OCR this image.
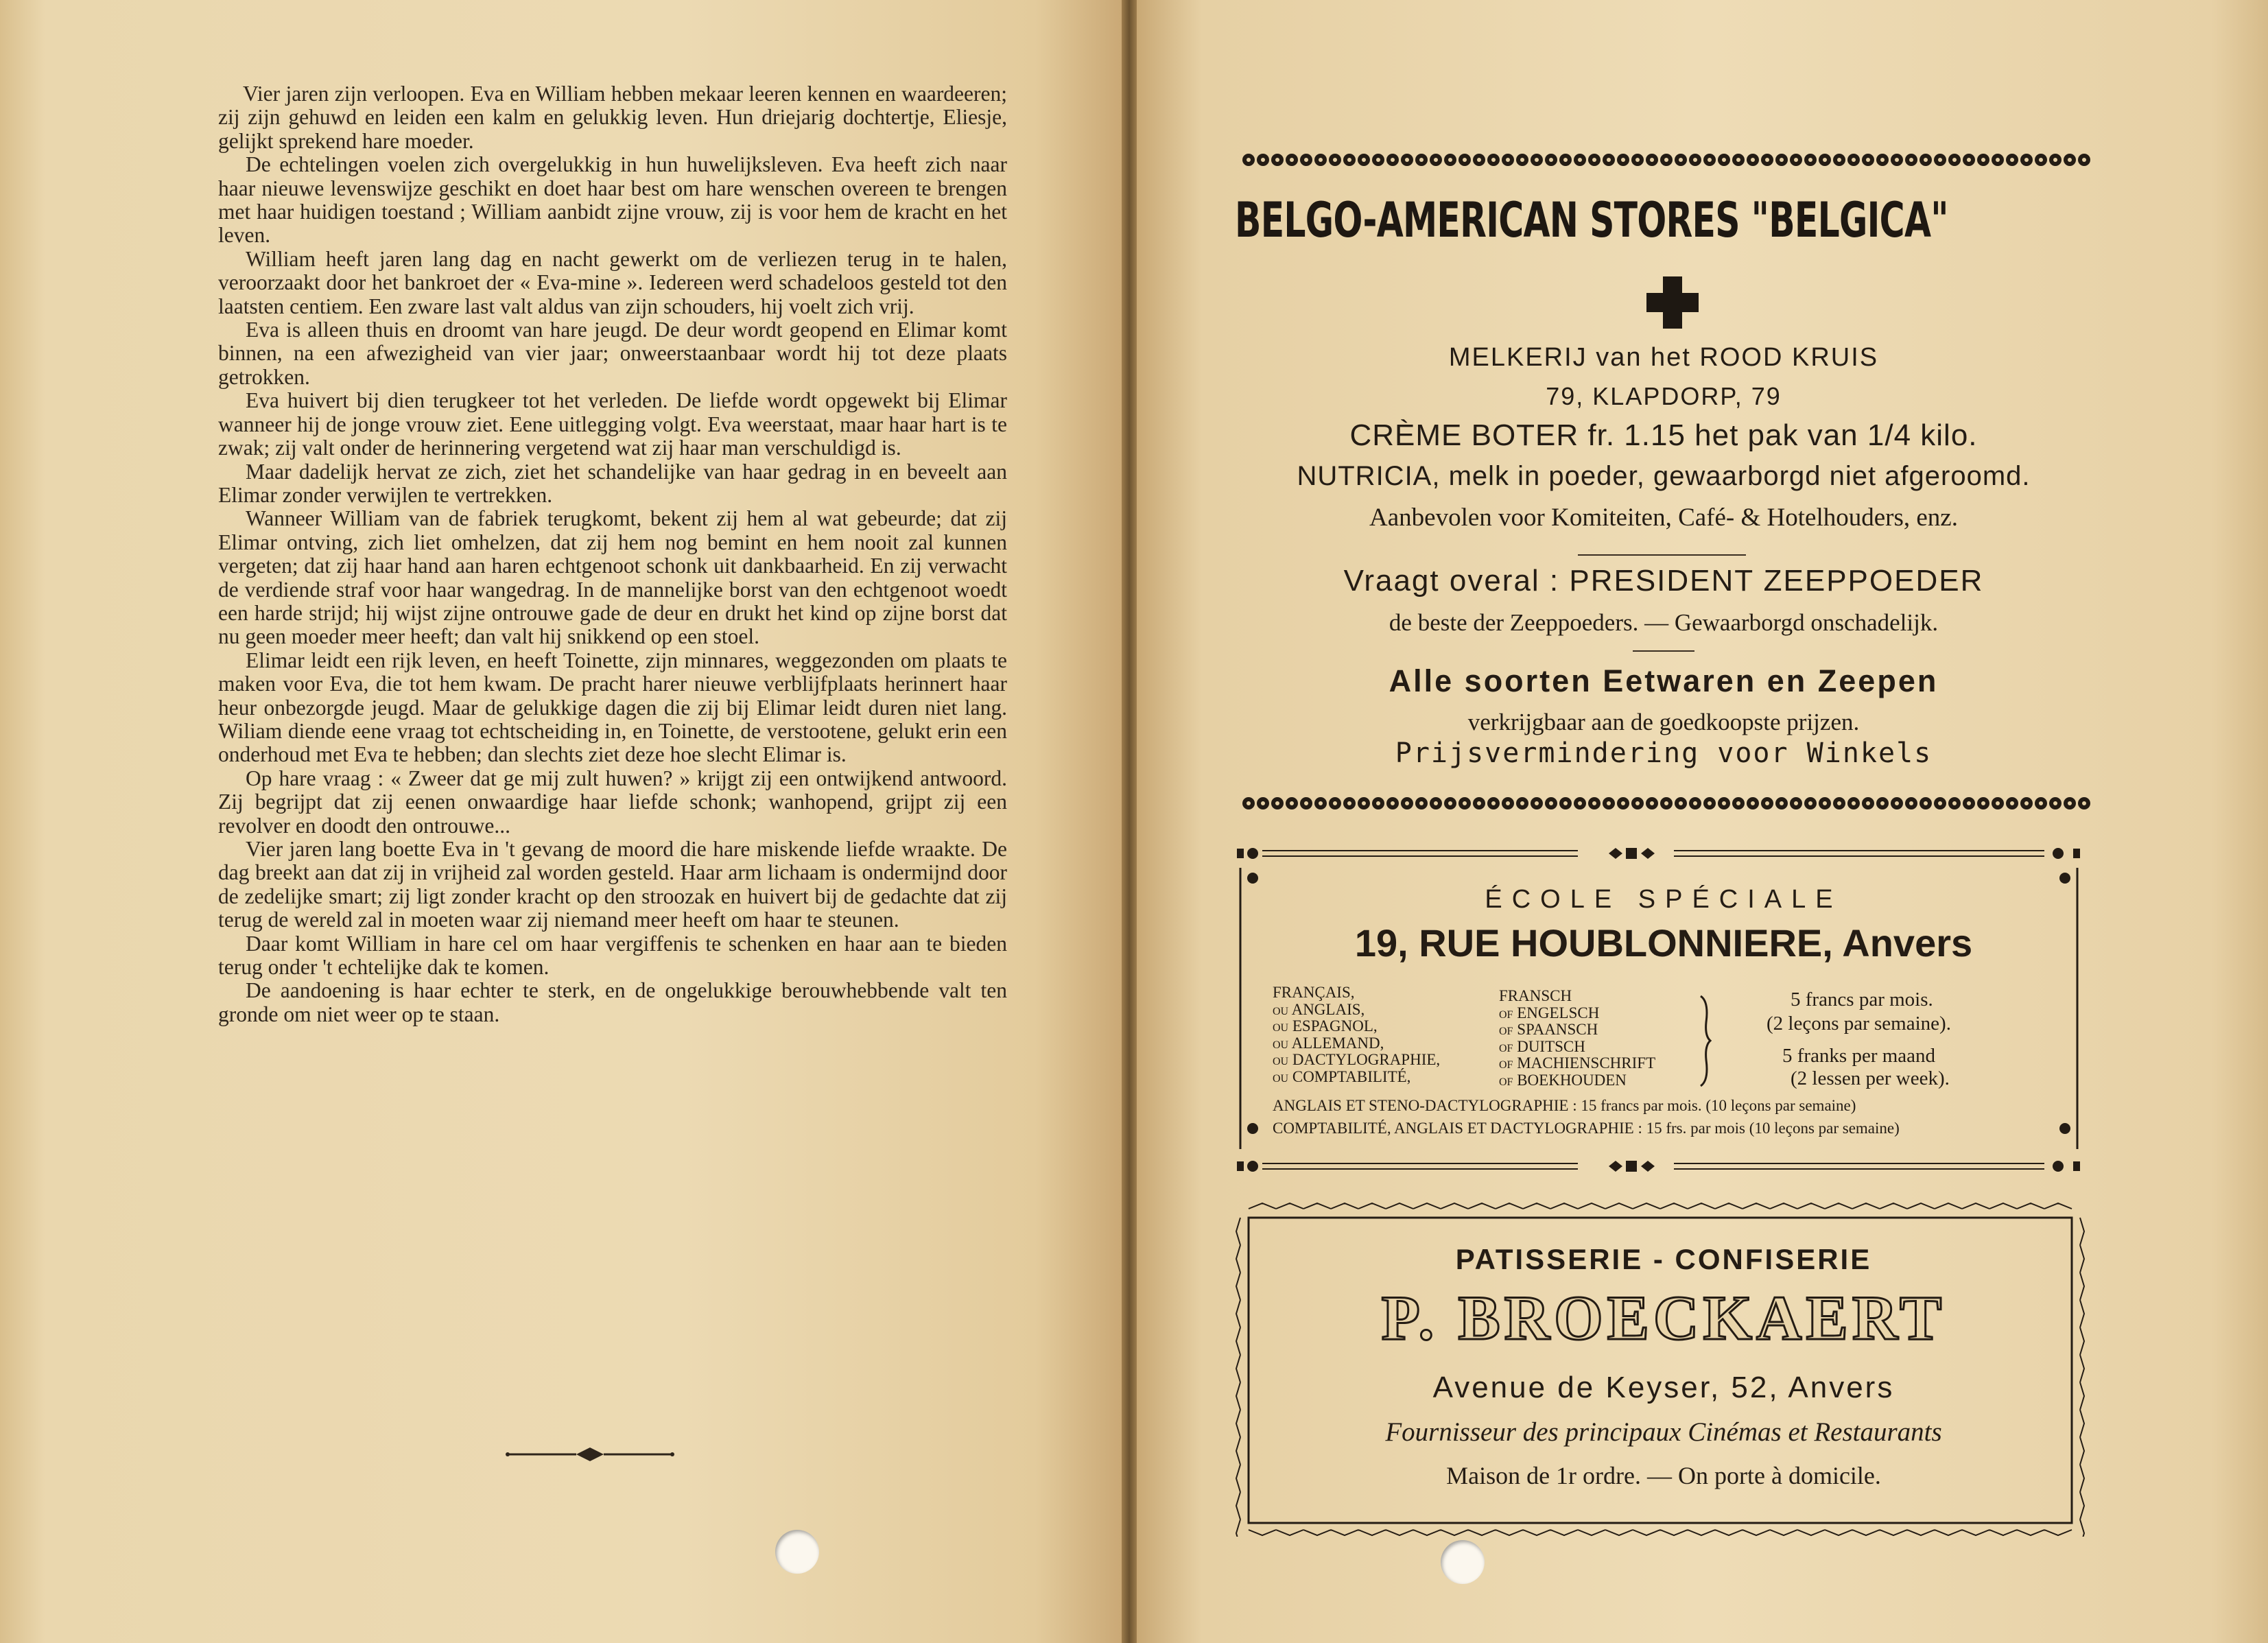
Vier jaren zijn verloopen. Eva en William hebben mekaar leeren kennen en waardeeren; zij zijn gehuwd en leiden een kalm en gelukkig leven. Hun driejarig dochtertje, Eliesje, gelijkt sprekend hare moeder.

De echtelingen voelen zich overgelukkig in hun huwelijksleven. Eva heeft zich naar haar nieuwe levenswijze geschikt en doet haar best om hare wenschen overeen te brengen met haar huidigen toestand ; William aanbidt zijne vrouw, zij is voor hem de kracht en het leven.

William heeft jaren lang dag en nacht gewerkt om de verliezen terug in te halen, veroorzaakt door het bankroet der « Eva-mine ». Iedereen werd schadeloos gesteld tot den laatsten centiem. Een zware last valt aldus van zijn schouders, hij voelt zich vrij.

Eva is alleen thuis en droomt van hare jeugd. De deur wordt geopend en Elimar komt binnen, na een afwezigheid van vier jaar; onweerstaanbaar wordt hij tot deze plaats getrokken.

Eva huivert bij dien terugkeer tot het verleden. De liefde wordt opgewekt bij Elimar wanneer hij de jonge vrouw ziet. Eene uitlegging volgt. Eva weerstaat, maar haar hart is te zwak; zij valt onder de herinnering vergetend wat zij haar man verschuldigd is.

Maar dadelijk hervat ze zich, ziet het schandelijke van haar gedrag in en beveelt aan Elimar zonder verwijlen te vertrekken.

Wanneer William van de fabriek terugkomt, bekent zij hem al wat gebeurde; dat zij Elimar ontving, zich liet omhelzen, dat zij hem nog bemint en hem nooit zal kunnen vergeten; dat zij haar hand aan haren echtgenoot schonk uit dankbaarheid. En zij verwacht de verdiende straf voor haar wangedrag. In de mannelijke borst van den echtgenoot woedt een harde strijd; hij wijst zijne ontrouwe gade de deur en drukt het kind op zijne borst dat nu geen moeder meer heeft; dan valt hij snikkend op een stoel.

Elimar leidt een rijk leven, en heeft Toinette, zijn minnares, weggezonden om plaats te maken voor Eva, die tot hem kwam. De pracht harer nieuwe verblijfplaats herinnert haar heur onbezorgde jeugd. Maar de gelukkige dagen die zij bij Elimar leidt duren niet lang. Wiliam diende eene vraag tot echtscheiding in, en Toinette, de verstootene, gelukt erin een onderhoud met Eva te hebben; dan slechts ziet deze hoe slecht Elimar is.

Op hare vraag : « Zweer dat ge mij zult huwen? » krijgt zij een ontwijkend antwoord. Zij begrijpt dat zij eenen onwaardige haar liefde schonk; wanhopend, grijpt zij een revolver en doodt den ontrouwe...

Vier jaren lang boette Eva in 't gevang de moord die hare miskende liefde wraakte. De dag breekt aan dat zij in vrijheid zal worden gesteld. Haar arm lichaam is ondermijnd door de zedelijke smart; zij ligt zonder kracht op den stroozak en huivert bij de gedachte dat zij terug de wereld zal in moeten waar zij niemand meer heeft om haar te steunen.

Daar komt William in hare cel om haar vergiffenis te schenken en haar aan te bieden terug onder 't echtelijke dak te komen.

De aandoening is haar echter te sterk, en de ongelukkige berouwhebbende valt ten gronde om niet weer op te staan.

BELGO-AMERICAN STORES "BELGICA"
MELKERIJ van het ROOD KRUIS
79, KLAPDORP, 79
CRÈME BOTER fr. 1.15 het pak van 1/4 kilo.
NUTRICIA, melk in poeder, gewaarborgd niet afgeroomd.
Aanbevolen voor Komiteiten, Café- & Hotelhouders, enz.
Vraagt overal : PRESIDENT ZEEPPOEDER
de beste der Zeeppoeders. — Gewaarborgd onschadelijk.
Alle soorten Eetwaren en Zeepen
verkrijgbaar aan de goedkoopste prijzen.
Prijsvermindering voor Winkels
ÉCOLE SPÉCIALE
19, RUE HOUBLONNIERE, Anvers
FRANÇAIS,
ou ANGLAIS,
ou ESPAGNOL,
ou ALLEMAND,
ou DACTYLOGRAPHIE,
ou COMPTABILITÉ,
FRANSCH
of ENGELSCH
of SPAANSCH
of DUITSCH
of MACHIENSCHRIFT
of BOEKHOUDEN
5 francs par mois.
(2 leçons par semaine).
5 franks per maand
(2 lessen per week).
ANGLAIS ET STENO-DACTYLOGRAPHIE : 15 francs par mois. (10 leçons par semaine)
COMPTABILITÉ, ANGLAIS ET DACTYLOGRAPHIE : 15 frs. par mois (10 leçons par semaine)
PATISSERIE - CONFISERIE
P. BROECKAERT
Avenue de Keyser, 52, Anvers
Fournisseur des principaux Cinémas et Restaurants
Maison de 1r ordre. — On porte à domicile.
